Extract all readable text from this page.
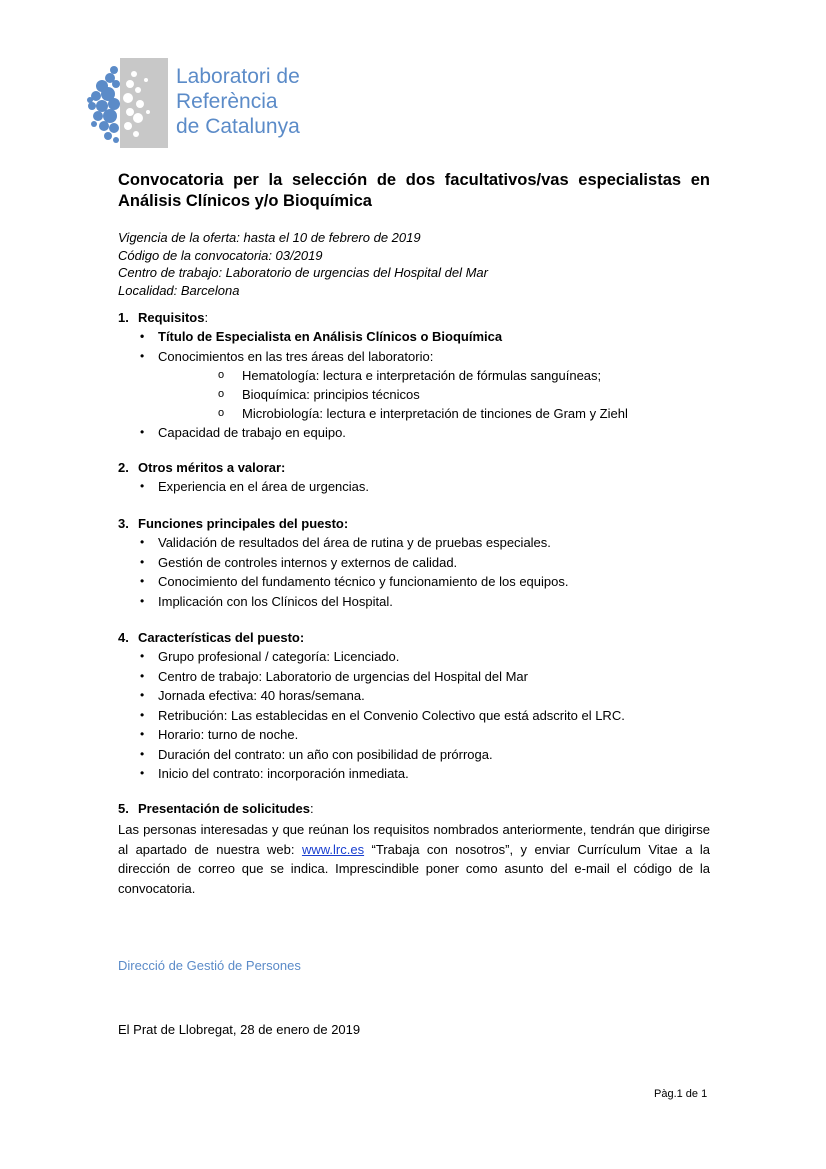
Laboratori de
Referència
de Catalunya
Convocatoria per la selección de dos facultativos/vas especialistas en Análisis Clínicos y/o Bioquímica
Vigencia de la oferta: hasta el 10 de febrero de 2019
Código de la convocatoria: 03/2019
Centro de trabajo: Laboratorio de urgencias del Hospital del Mar
Localidad: Barcelona
1. Requisitos:
• Título de Especialista en Análisis Clínicos o Bioquímica
• Conocimientos en las tres áreas del laboratorio:
o Hematología: lectura e interpretación de fórmulas sanguíneas;
o Bioquímica: principios técnicos
o Microbiología: lectura e interpretación de tinciones de Gram y Ziehl
• Capacidad de trabajo en equipo.
2. Otros méritos a valorar:
• Experiencia en el área de urgencias.
3. Funciones principales del puesto:
• Validación de resultados del área de rutina y de pruebas especiales.
• Gestión de controles internos y externos de calidad.
• Conocimiento del fundamento técnico y funcionamiento de los equipos.
• Implicación con los Clínicos del Hospital.
4. Características del puesto:
• Grupo profesional / categoría: Licenciado.
• Centro de trabajo: Laboratorio de urgencias del Hospital del Mar
• Jornada efectiva: 40 horas/semana.
• Retribución: Las establecidas en el Convenio Colectivo que está adscrito el LRC.
• Horario: turno de noche.
• Duración del contrato: un año con posibilidad de prórroga.
• Inicio del contrato: incorporación inmediata.
5. Presentación de solicitudes:
Las personas interesadas y que reúnan los requisitos nombrados anteriormente, tendrán que dirigirse al apartado de nuestra web: www.lrc.es “Trabaja con nosotros”, y enviar Currículum Vitae a la dirección de correo que se indica. Imprescindible poner como asunto del e-mail el código de la convocatoria.
Direcció de Gestió de Persones
El Prat de Llobregat, 28 de enero de 2019
Pàg.1 de 1
